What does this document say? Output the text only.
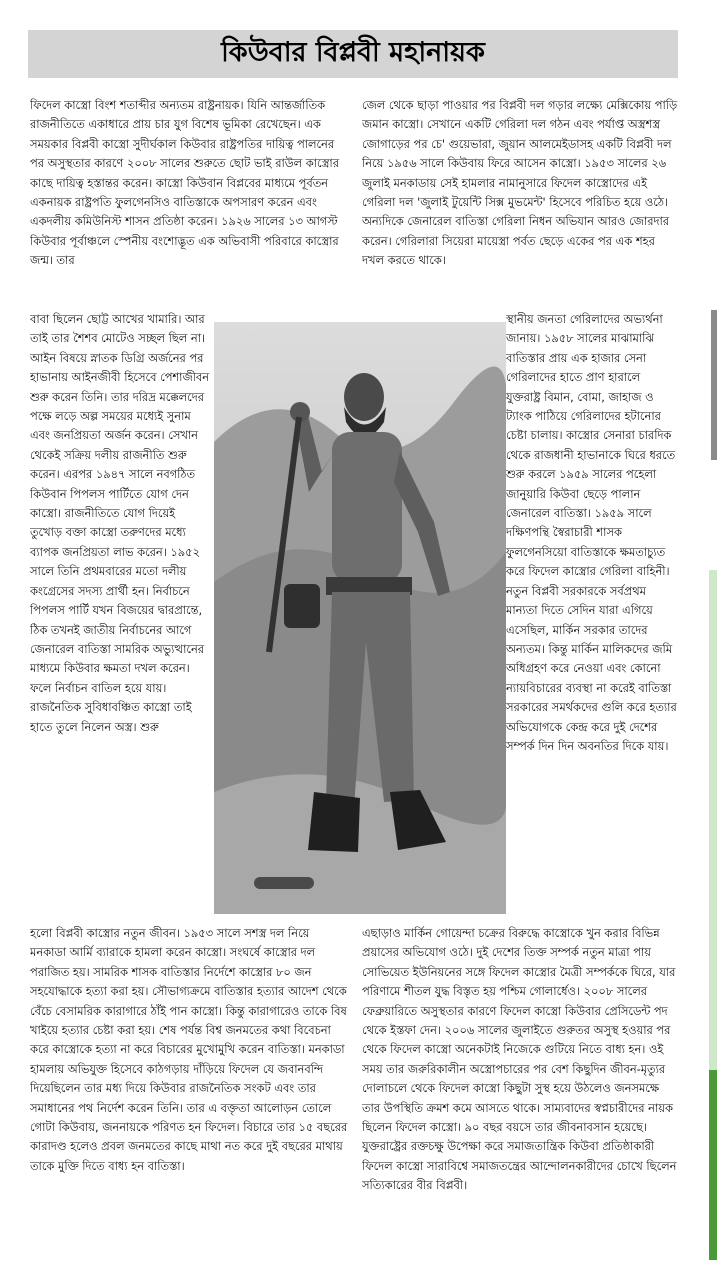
কিউবার বিপ্লবী মহানায়ক

ফিদেল কাস্ত্রো বিংশ শতাব্দীর অন্যতম রাষ্ট্রনায়ক। যিনি আন্তর্জাতিক রাজনীতিতে একাধারে প্রায় চার যুগ বিশেষ ভূমিকা রেখেছেন। এক সময়কার বিপ্লবী কাস্ত্রো সুদীর্ঘকাল কিউবার রাষ্ট্রপতির দায়িত্ব পালনের পর অসুস্থতার কারণে ২০০৮ সালের শুরুতে ছোট ভাই রাউল কাস্ত্রোর কাছে দায়িত্ব হস্তান্তর করেন। কাস্ত্রো কিউবান বিপ্লবের মাধ্যমে পূর্বতন একনায়ক রাষ্ট্রপতি ফুলগেনসিও বাতিস্তাকে অপসারণ করেন এবং একদলীয় কমিউনিস্ট শাসন প্রতিষ্ঠা করেন। ১৯২৬ সালের ১৩ আগস্ট কিউবার পূর্বাঞ্চলে স্পেনীয় বংশোদ্ভূত এক অভিবাসী পরিবারে কাস্ত্রোর জন্ম। তার

বাবা ছিলেন ছোট্ট আখের খামারি। আর তাই তার শৈশব মোটেও সচ্ছল ছিল না। আইন বিষয়ে স্নাতক ডিগ্রি অর্জনের পর হাভানায় আইনজীবী হিসেবে পেশাজীবন শুরু করেন তিনি। তার দরিদ্র মক্কেলদের পক্ষে লড়ে অল্প সময়ের মধ্যেই সুনাম এবং জনপ্রিয়তা অর্জন করেন। সেখান থেকেই সক্রিয় দলীয় রাজনীতি শুরু করেন। এরপর ১৯৪৭ সালে নবগঠিত কিউবান পিপলস পার্টিতে যোগ দেন কাস্ত্রো। রাজনীতিতে যোগ দিয়েই তুখোড় বক্তা কাস্ত্রো তরুণদের মধ্যে ব্যাপক জনপ্রিয়তা লাভ করেন। ১৯৫২ সালে তিনি প্রথমবারের মতো দলীয় কংগ্রেসের সদস্য প্রার্থী হন। নির্বাচনে পিপলস পার্টি যখন বিজয়ের দ্বারপ্রান্তে, ঠিক তখনই জাতীয় নির্বাচনের আগে জেনারেল বাতিস্তা সামরিক অভ্যুত্থানের মাধ্যমে কিউবার ক্ষমতা দখল করেন। ফলে নির্বাচন বাতিল হয়ে যায়। রাজনৈতিক সুবিধাবঞ্চিত কাস্ত্রো তাই হাতে তুলে নিলেন অস্ত্র। শুরু

হলো বিপ্লবী কাস্ত্রোর নতুন জীবন। ১৯৫৩ সালে সশস্ত্র দল নিয়ে মনকাডা আর্মি ব্যারাকে হামলা করেন কাস্ত্রো। সংঘর্ষে কাস্ত্রোর দল পরাজিত হয়। সামরিক শাসক বাতিস্তার নির্দেশে কাস্ত্রোর ৮০ জন সহযোদ্ধাকে হত্যা করা হয়। সৌভাগ্যক্রমে বাতিস্তার হত্যার আদেশ থেকে বেঁচে বেসামরিক কারাগারে ঠাঁই পান কাস্ত্রো। কিন্তু কারাগারেও তাকে বিষ খাইয়ে হত্যার চেষ্টা করা হয়। শেষ পর্যন্ত বিশ্ব জনমতের কথা বিবেচনা করে কাস্ত্রোকে হত্যা না করে বিচারের মুখোমুখি করেন বাতিস্তা। মনকাডা হামলায় অভিযুক্ত হিসেবে কাঠগড়ায় দাঁড়িয়ে ফিদেল যে জবানবন্দি দিয়েছিলেন তার মধ্য দিয়ে কিউবার রাজনৈতিক সংকট এবং তার সমাধানের পথ নির্দেশ করেন তিনি। তার এ বক্তৃতা আলোড়ন তোলে গোটা কিউবায়, জননায়কে পরিণত হন ফিদেল। বিচারে তার ১৫ বছরের কারাদণ্ড হলেও প্রবল জনমতের কাছে মাথা নত করে দুই বছরের মাথায় তাকে মুক্তি দিতে বাধ্য হন বাতিস্তা।

জেল থেকে ছাড়া পাওয়ার পর বিপ্লবী দল গড়ার লক্ষ্যে মেক্সিকোয় পাড়ি জমান কাস্ত্রো। সেখানে একটি গেরিলা দল গঠন এবং পর্যাপ্ত অস্ত্রশস্ত্র জোগাড়ের পর চে' গুয়েভারা, জুয়ান আলমেইডাসহ একটি বিপ্লবী দল নিয়ে ১৯৫৬ সালে কিউবায় ফিরে আসেন কাস্ত্রো। ১৯৫৩ সালের ২৬ জুলাই মনকাডায় সেই হামলার নামানুসারে ফিদেল কাস্ত্রোদের এই গেরিলা দল 'জুলাই টুয়েন্টি সিক্স মুভমেন্ট' হিসেবে পরিচিত হয়ে ওঠে। অন্যদিকে জেনারেল বাতিস্তা গেরিলা নিধন অভিযান আরও জোরদার করেন। গেরিলারা সিয়েরা মায়েস্ত্রা পর্বত ছেড়ে একের পর এক শহর দখল করতে থাকে।

স্থানীয় জনতা গেরিলাদের অভ্যর্থনা জানায়। ১৯৫৮ সালের মাঝামাঝি বাতিস্তার প্রায় এক হাজার সেনা গেরিলাদের হাতে প্রাণ হারালে যুক্তরাষ্ট্র বিমান, বোমা, জাহাজ ও ট্যাংক পাঠিয়ে গেরিলাদের হটানোর চেষ্টা চালায়। কাস্ত্রোর সেনারা চারদিক থেকে রাজধানী হাভানাকে ঘিরে ধরতে শুরু করলে ১৯৫৯ সালের পহেলা জানুয়ারি কিউবা ছেড়ে পালান জেনারেল বাতিস্তা। ১৯৫৯ সালে দক্ষিণপন্থি স্বৈরাচারী শাসক ফুলগেনসিয়ো বাতিস্তাকে ক্ষমতাচ্যুত করে ফিদেল কাস্ত্রোর গেরিলা বাহিনী। নতুন বিপ্লবী সরকারকে সর্বপ্রথম মান্যতা দিতে সেদিন যারা এগিয়ে এসেছিল, মার্কিন সরকার তাদের অন্যতম। কিন্তু মার্কিন মালিকদের জমি অধিগ্রহণ করে নেওয়া এবং কোনো ন্যায়বিচারের ব্যবস্থা না করেই বাতিস্তা সরকারের সমর্থকদের গুলি করে হত্যার অভিযোগকে কেন্দ্র করে দুই দেশের সম্পর্ক দিন দিন অবনতির দিকে যায়।

এছাড়াও মার্কিন গোয়েন্দা চক্রের বিরুদ্ধে কাস্ত্রোকে খুন করার বিভিন্ন প্রয়াসের অভিযোগ ওঠে। দুই দেশের তিক্ত সম্পর্ক নতুন মাত্রা পায় সোভিয়েত ইউনিয়নের সঙ্গে ফিদেল কাস্ত্রোর মৈত্রী সম্পর্ককে ঘিরে, যার পরিণামে শীতল যুদ্ধ বিস্তৃত হয় পশ্চিম গোলার্ধেও। ২০০৮ সালের ফেব্রুয়ারিতে অসুস্থতার কারণে ফিদেল কাস্ত্রো কিউবার প্রেসিডেন্ট পদ থেকে ইস্তফা দেন। ২০০৬ সালের জুলাইতে গুরুতর অসুস্থ হওয়ার পর থেকে ফিদেল কাস্ত্রো অনেকটাই নিজেকে গুটিয়ে নিতে বাধ্য হন। ওই সময় তার জরুরিকালীন অস্ত্রোপচারের পর বেশ কিছুদিন জীবন-মৃত্যুর দোলাচলে থেকে ফিদেল কাস্ত্রো কিছুটা সুস্থ হয়ে উঠলেও জনসমক্ষে তার উপস্থিতি ক্রমশ কমে আসতে থাকে। সাম্যবাদের স্বপ্নচারীদের নায়ক ছিলেন ফিদেল কাস্ত্রো। ৯০ বছর বয়সে তার জীবনাবসান হয়েছে। যুক্তরাষ্ট্রের রক্তচক্ষু উপেক্ষা করে সমাজতান্ত্রিক কিউবা প্রতিষ্ঠাকারী ফিদেল কাস্ত্রো সারাবিশ্বে সমাজতন্ত্রের আন্দোলনকারীদের চোখে ছিলেন সত্যিকারের বীর বিপ্লবী।
